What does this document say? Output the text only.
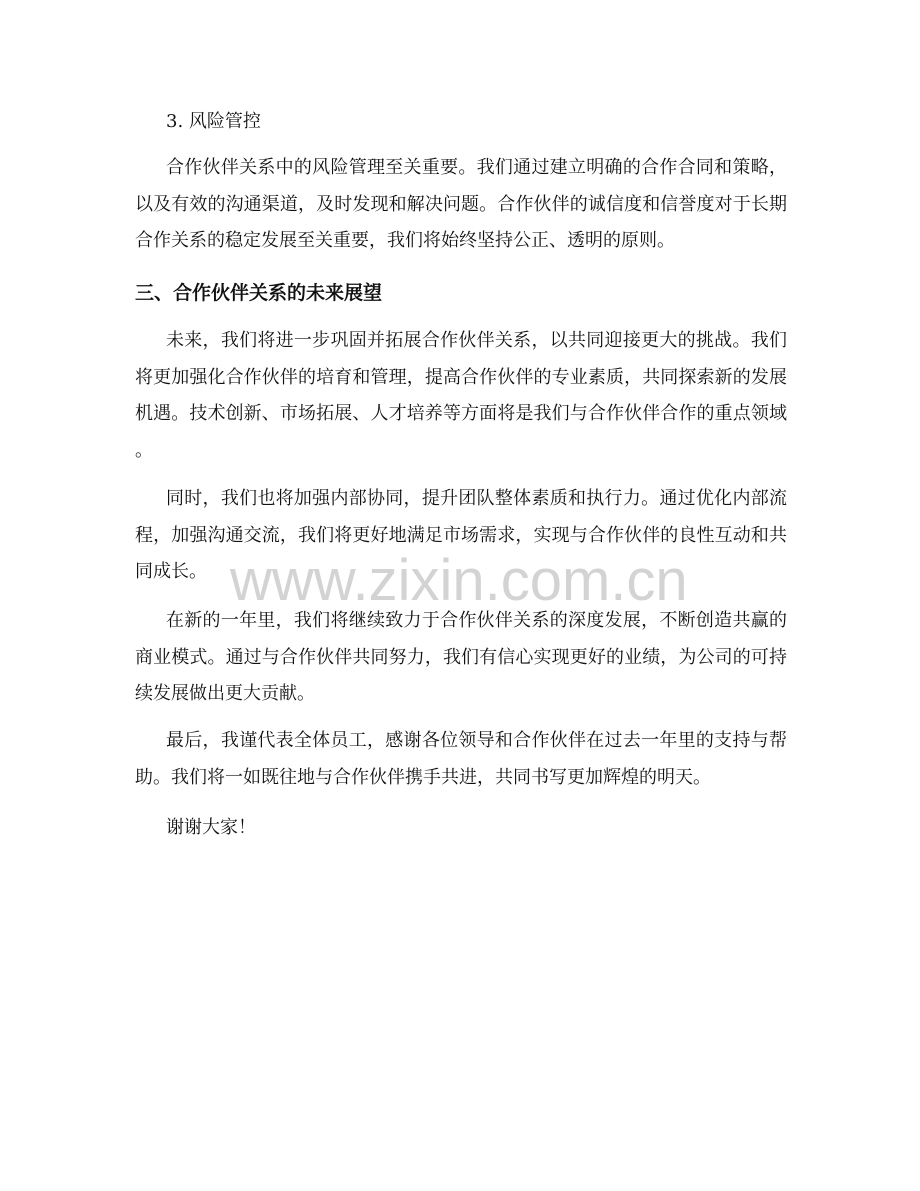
3. 风险管控
合作伙伴关系中的风险管理至关重要。我们通过建立明确的合作合同和策略，
以及有效的沟通渠道，及时发现和解决问题。合作伙伴的诚信度和信誉度对于长期
合作关系的稳定发展至关重要，我们将始终坚持公正、透明的原则。
三、合作伙伴关系的未来展望
未来，我们将进一步巩固并拓展合作伙伴关系，以共同迎接更大的挑战。我们
将更加强化合作伙伴的培育和管理，提高合作伙伴的专业素质，共同探索新的发展
机遇。技术创新、市场拓展、人才培养等方面将是我们与合作伙伴合作的重点领域
。
同时，我们也将加强内部协同，提升团队整体素质和执行力。通过优化内部流
程，加强沟通交流，我们将更好地满足市场需求，实现与合作伙伴的良性互动和共
同成长。
在新的一年里，我们将继续致力于合作伙伴关系的深度发展，不断创造共赢的
商业模式。通过与合作伙伴共同努力，我们有信心实现更好的业绩，为公司的可持
续发展做出更大贡献。
最后，我谨代表全体员工，感谢各位领导和合作伙伴在过去一年里的支持与帮
助。我们将一如既往地与合作伙伴携手共进，共同书写更加辉煌的明天。
谢谢大家！
www.zixin.com.cn
